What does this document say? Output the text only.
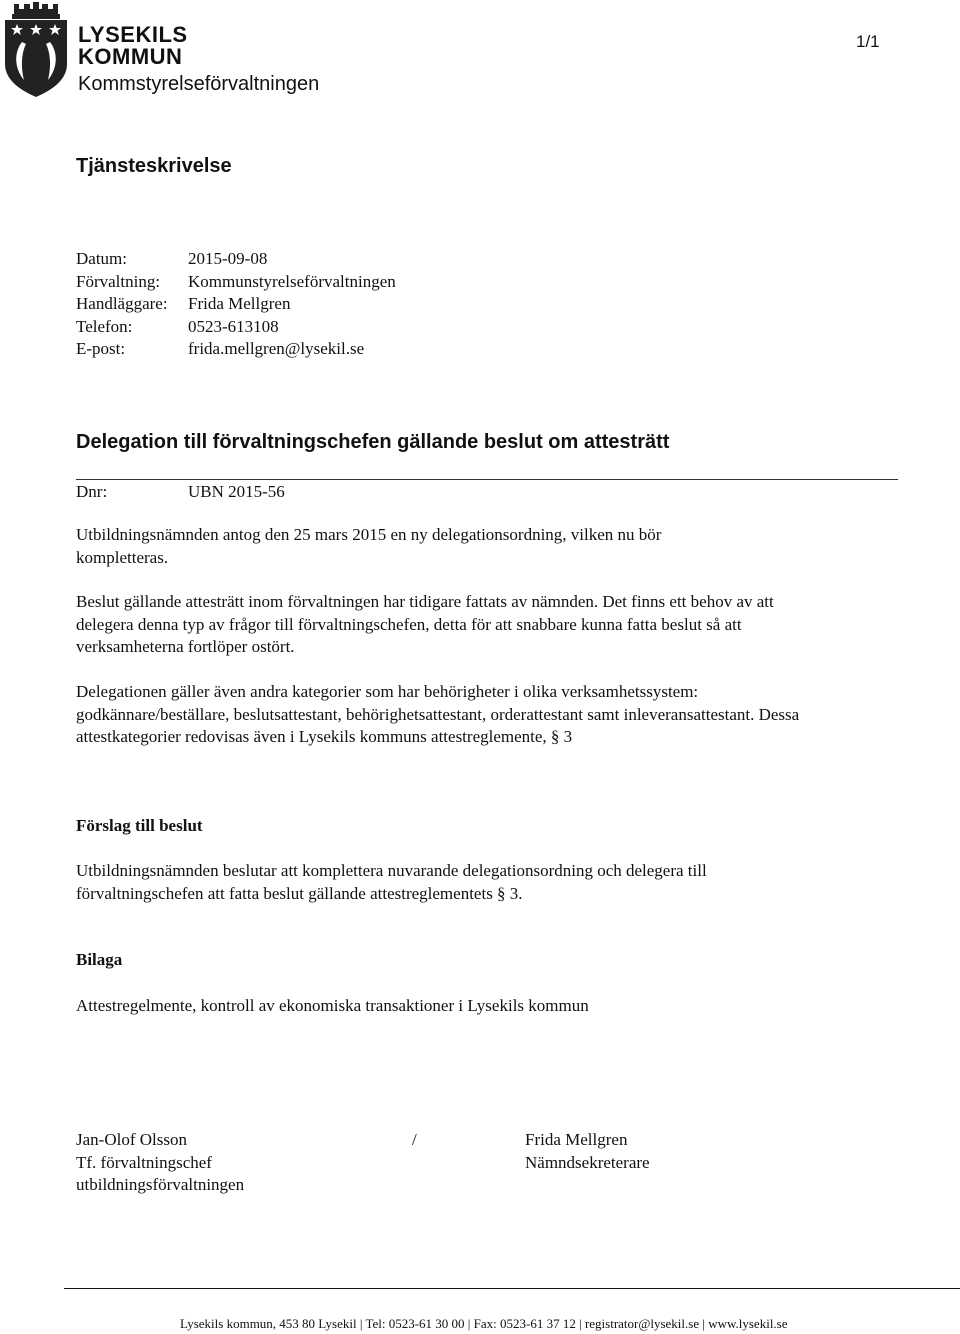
LYSEKILS
KOMMUN
Kommstyrelseförvaltningen
1/1
Tjänsteskrivelse
Datum:	2015-09-08
Förvaltning: Kommunstyrelseförvaltningen
Handläggare: Frida Mellgren
Telefon:	0523-613108
E-post:	frida.mellgren@lysekil.se
Delegation till förvaltningschefen gällande beslut om attesträtt
Dnr:	UBN 2015-56
Utbildningsnämnden antog den 25 mars 2015 en ny delegationsordning, vilken nu bör kompletteras.
Beslut gällande attesträtt inom förvaltningen har tidigare fattats av nämnden. Det finns ett behov av att delegera denna typ av frågor till förvaltningschefen, detta för att snabbare kunna fatta beslut så att verksamheterna fortlöper ostört.
Delegationen gäller även andra kategorier som har behörigheter i olika verksamhetssystem: godkännare/beställare, beslutsattestant, behörighetsattestant, orderattestant samt inleveransattestant. Dessa attestkategorier redovisas även i Lysekils kommuns attestreglemente, § 3
Förslag till beslut
Utbildningsnämnden beslutar att komplettera nuvarande delegationsordning och delegera till förvaltningschefen att fatta beslut gällande attestreglementets § 3.
Bilaga
Attestregelmente, kontroll av ekonomiska transaktioner i Lysekils kommun
Jan-Olof Olsson
Tf. förvaltningschef
utbildningsförvaltningen
/	Frida Mellgren
Nämndsekreterare
Lysekils kommun, 453 80 Lysekil | Tel: 0523-61 30 00 | Fax: 0523-61 37 12 | registrator@lysekil.se | www.lysekil.se
